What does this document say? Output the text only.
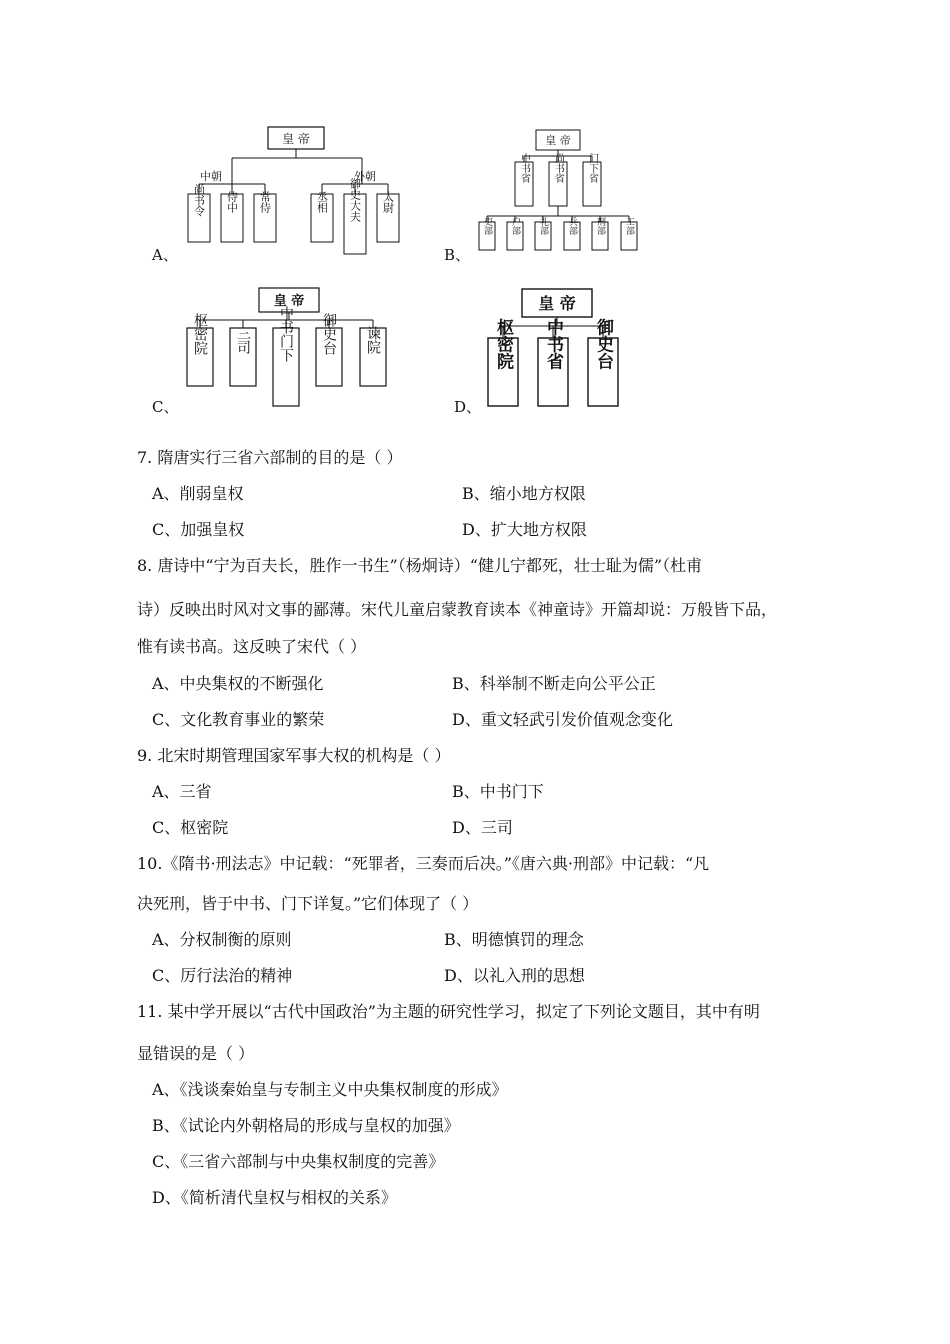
皇 帝
中朝	外朝
尚书令 侍中 常侍	丞相 御史大夫 太尉
A、
皇 帝
中书省 尚书省 门下省
吏部 户部 礼部 兵部 刑部 工部
B、
皇 帝
枢密院 三司 中书门下 御史台 谏院
C、
皇 帝
枢密院 中书省 御史台
D、
7. 隋唐实行三省六部制的目的是（ ）
A、削弱皇权	B、缩小地方权限
C、加强皇权	D、扩大地方权限
8. 唐诗中“宁为百夫长，胜作一书生”（杨炯诗）“健儿宁都死，壮士耻为儒”（杜甫
诗）反映出时风对文事的鄙薄。宋代儿童启蒙教育读本《神童诗》开篇却说：万般皆下品，
惟有读书高。这反映了宋代（ ）
A、中央集权的不断强化	B、科举制不断走向公平公正
C、文化教育事业的繁荣	D、重文轻武引发价值观念变化
9. 北宋时期管理国家军事大权的机构是（ ）
A、三省	B、中书门下
C、枢密院	D、三司
10.《隋书·刑法志》中记载：“死罪者，三奏而后决。”《唐六典·刑部》中记载：“凡
决死刑，皆于中书、门下详复。”它们体现了（ ）
A、分权制衡的原则	B、明德慎罚的理念
C、厉行法治的精神	D、以礼入刑的思想
11. 某中学开展以“古代中国政治”为主题的研究性学习，拟定了下列论文题目，其中有明
显错误的是（ ）
A、《浅谈秦始皇与专制主义中央集权制度的形成》
B、《试论内外朝格局的形成与皇权的加强》
C、《三省六部制与中央集权制度的完善》
D、《简析清代皇权与相权的关系》
